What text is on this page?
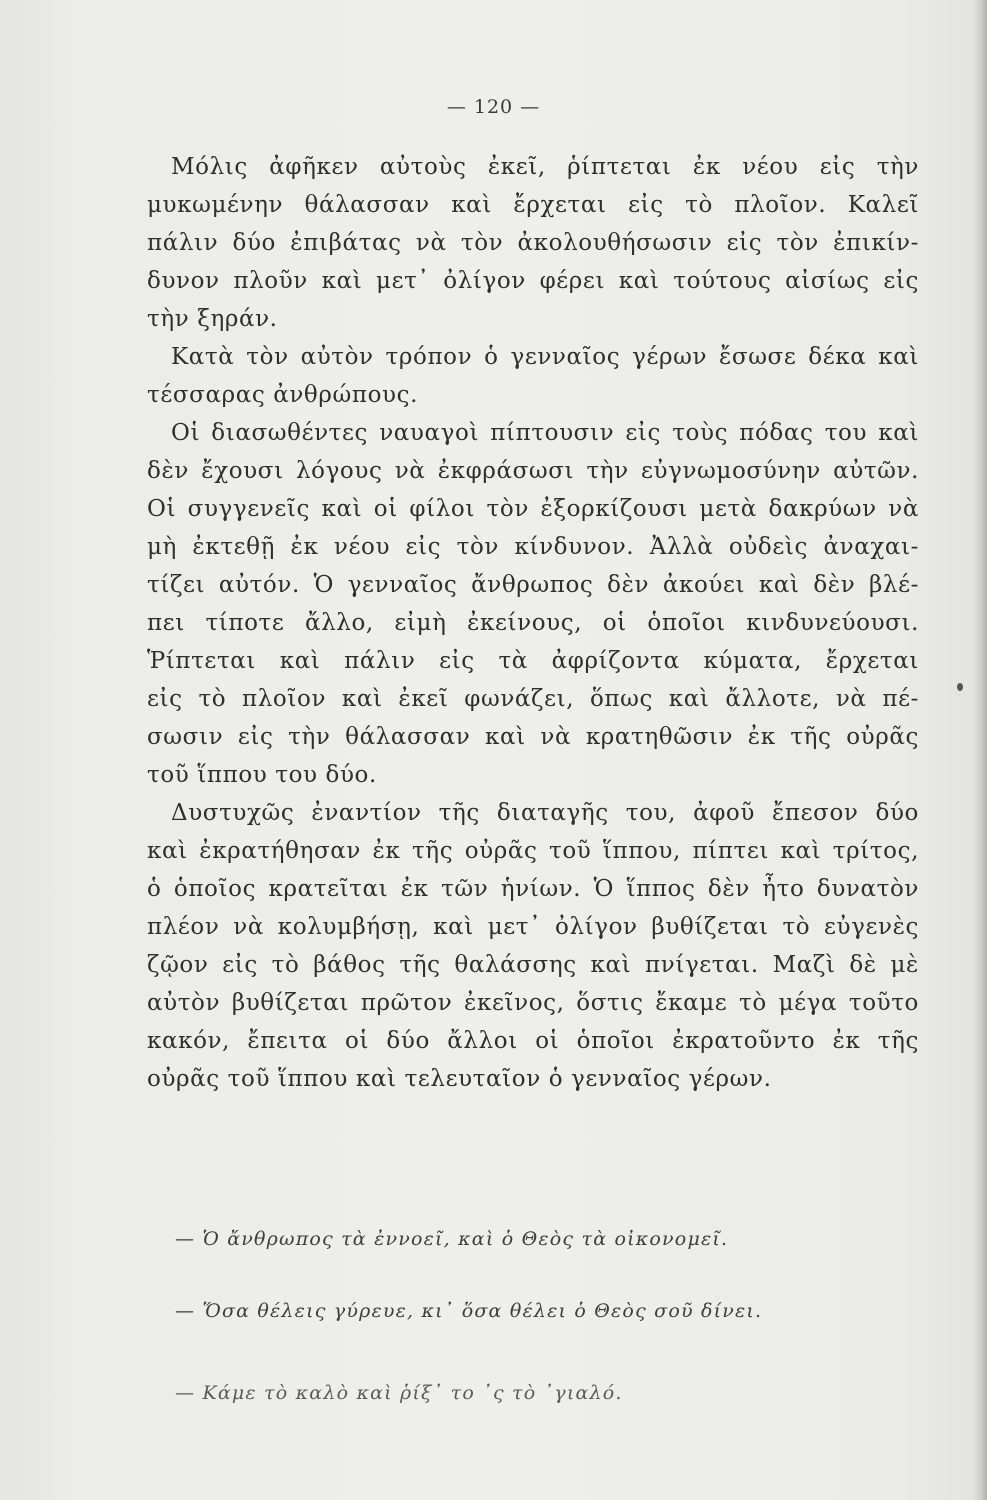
— 120 —
Μόλις ἀφῆκεν αὐτοὺς ἐκεῖ, ῥίπτεται ἐκ νέου εἰς τὴν
μυκωμένην θάλασσαν καὶ ἔρχεται εἰς τὸ πλοῖον. Καλεῖ
πάλιν δύο ἐπιβάτας νὰ τὸν ἀκολουθήσωσιν εἰς τὸν ἐπικίν-
δυνον πλοῦν καὶ μετ᾽ ὀλίγον φέρει καὶ τούτους αἰσίως εἰς
τὴν ξηράν.
Κατὰ τὸν αὐτὸν τρόπον ὁ γενναῖος γέρων ἔσωσε δέκα καὶ
τέσσαρας ἀνθρώπους.
Οἱ διασωθέντες ναυαγοὶ πίπτουσιν εἰς τοὺς πόδας του καὶ
δὲν ἔχουσι λόγους νὰ ἐκφράσωσι τὴν εὐγνωμοσύνην αὐτῶν.
Οἱ συγγενεῖς καὶ οἱ φίλοι τὸν ἐξορκίζουσι μετὰ δακρύων νὰ
μὴ ἐκτεθῇ ἐκ νέου εἰς τὸν κίνδυνον. Ἀλλὰ οὐδεὶς ἀναχαι-
τίζει αὐτόν. Ὁ γενναῖος ἄνθρωπος δὲν ἀκούει καὶ δὲν βλέ-
πει τίποτε ἄλλο, εἰμὴ ἐκείνους, οἱ ὁποῖοι κινδυνεύουσι.
Ῥίπτεται καὶ πάλιν εἰς τὰ ἀφρίζοντα κύματα, ἔρχεται
εἰς τὸ πλοῖον καὶ ἐκεῖ φωνάζει, ὅπως καὶ ἄλλοτε, νὰ πέ-
σωσιν εἰς τὴν θάλασσαν καὶ νὰ κρατηθῶσιν ἐκ τῆς οὐρᾶς
τοῦ ἵππου του δύο.
Δυστυχῶς ἐναντίον τῆς διαταγῆς του, ἀφοῦ ἔπεσον δύο
καὶ ἐκρατήθησαν ἐκ τῆς οὐρᾶς τοῦ ἵππου, πίπτει καὶ τρίτος,
ὁ ὁποῖος κρατεῖται ἐκ τῶν ἡνίων. Ὁ ἵππος δὲν ἦτο δυνατὸν
πλέον νὰ κολυμβήσῃ, καὶ μετ᾽ ὀλίγον βυθίζεται τὸ εὐγενὲς
ζῷον εἰς τὸ βάθος τῆς θαλάσσης καὶ πνίγεται. Μαζὶ δὲ μὲ
αὐτὸν βυθίζεται πρῶτον ἐκεῖνος, ὅστις ἔκαμε τὸ μέγα τοῦτο
κακόν, ἔπειτα οἱ δύο ἄλλοι οἱ ὁποῖοι ἐκρατοῦντο ἐκ τῆς
οὐρᾶς τοῦ ἵππου καὶ τελευταῖον ὁ γενναῖος γέρων.
— Ὁ ἄνθρωπος τὰ ἐννοεῖ, καὶ ὁ Θεὸς τὰ οἰκονομεῖ.
— Ὅσα θέλεις γύρευε, κι᾽ ὅσα θέλει ὁ Θεὸς σοῦ δίνει.
— Κάμε τὸ καλὸ καὶ ῥίξ᾽ το ᾽ς τὸ ᾽γιαλό.
